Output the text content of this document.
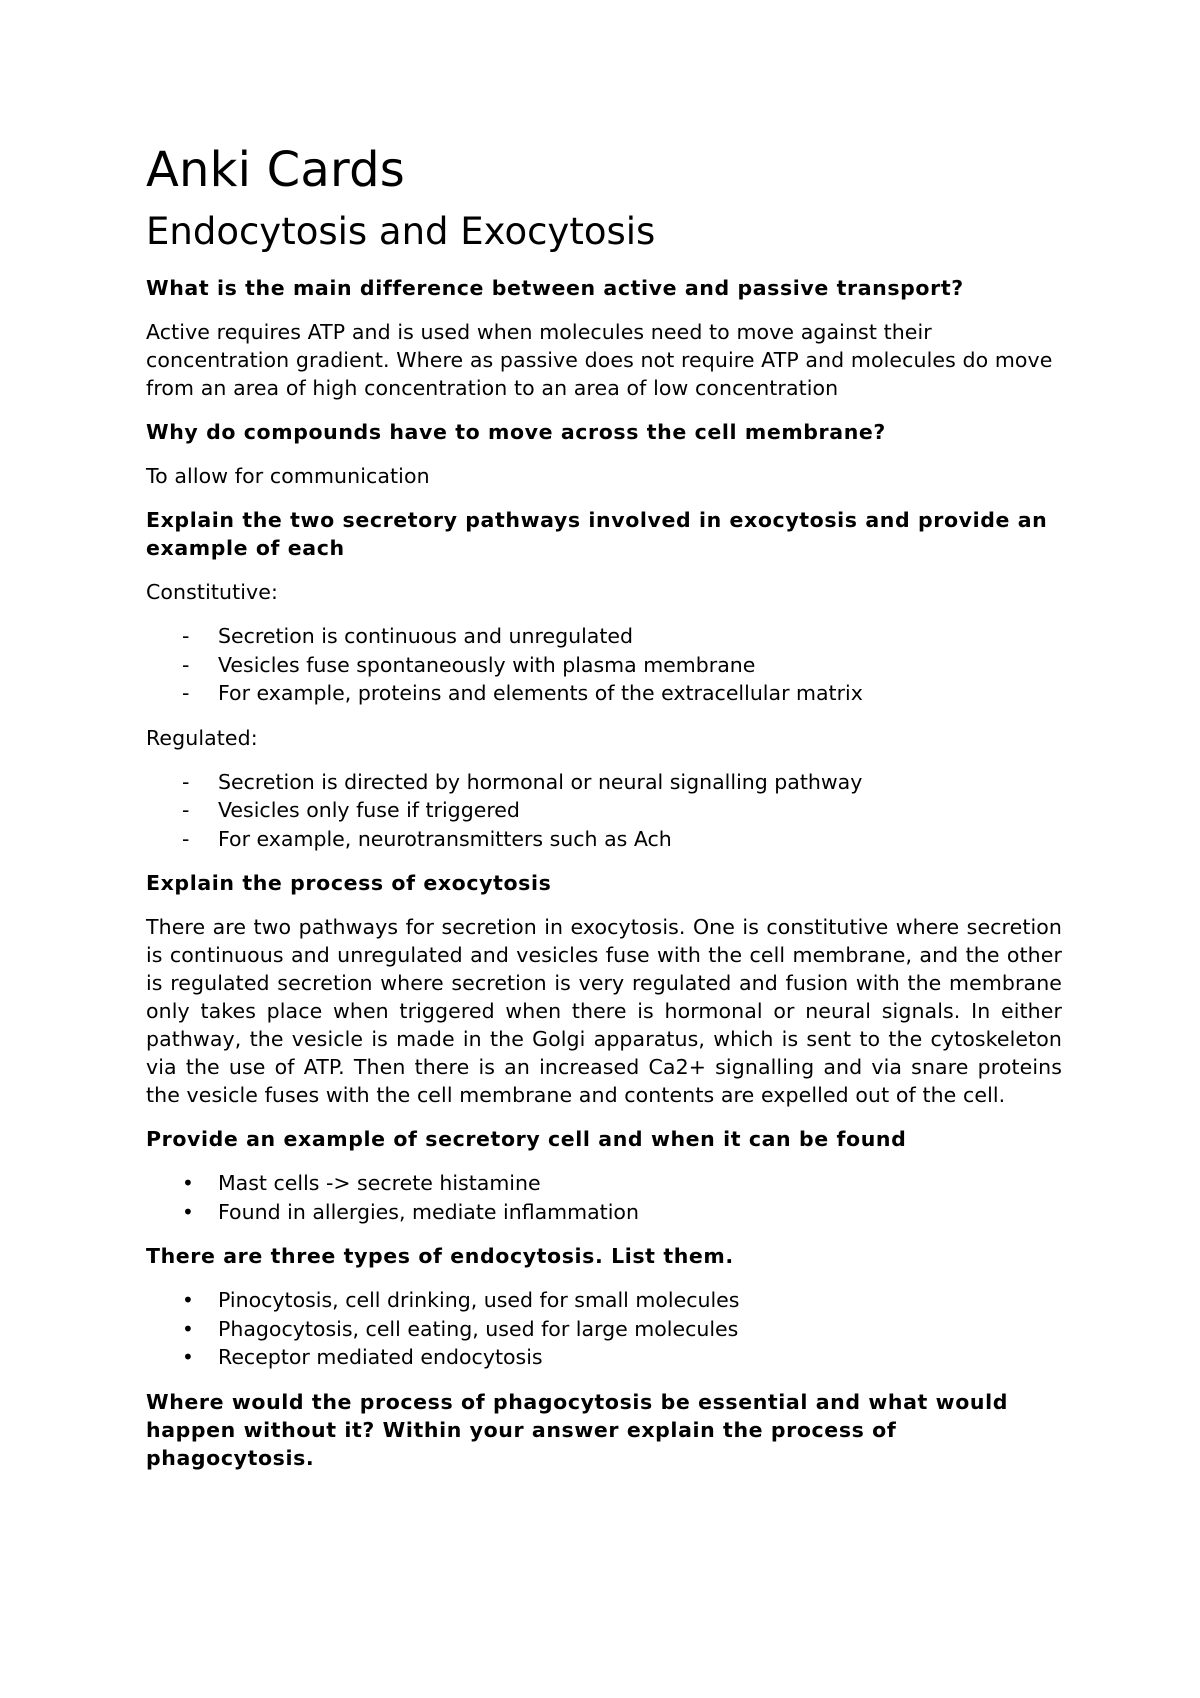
Anki Cards
Endocytosis and Exocytosis

What is the main difference between active and passive transport?

Active requires ATP and is used when molecules need to move against their concentration gradient. Where as passive does not require ATP and molecules do move from an area of high concentration to an area of low concentration

Why do compounds have to move across the cell membrane?

To allow for communication

Explain the two secretory pathways involved in exocytosis and provide an example of each

Constitutive:

- Secretion is continuous and unregulated
- Vesicles fuse spontaneously with plasma membrane
- For example, proteins and elements of the extracellular matrix

Regulated:

- Secretion is directed by hormonal or neural signalling pathway
- Vesicles only fuse if triggered
- For example, neurotransmitters such as Ach

Explain the process of exocytosis

There are two pathways for secretion in exocytosis. One is constitutive where secretion is continuous and unregulated and vesicles fuse with the cell membrane, and the other is regulated secretion where secretion is very regulated and fusion with the membrane only takes place when triggered when there is hormonal or neural signals. In either pathway, the vesicle is made in the Golgi apparatus, which is sent to the cytoskeleton via the use of ATP. Then there is an increased Ca2+ signalling and via snare proteins the vesicle fuses with the cell membrane and contents are expelled out of the cell.

Provide an example of secretory cell and when it can be found

• Mast cells -> secrete histamine
• Found in allergies, mediate inflammation

There are three types of endocytosis. List them.

• Pinocytosis, cell drinking, used for small molecules
• Phagocytosis, cell eating, used for large molecules
• Receptor mediated endocytosis

Where would the process of phagocytosis be essential and what would happen without it? Within your answer explain the process of phagocytosis.
